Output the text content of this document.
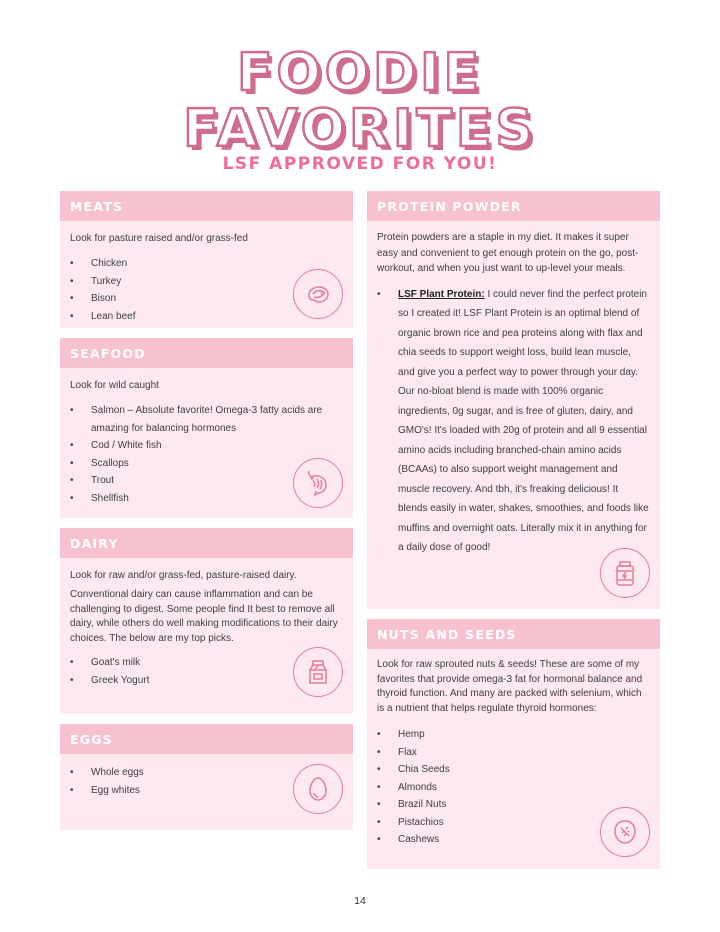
FOODIE
FAVORITES
LSF APPROVED FOR YOU!
MEATS

Look for pasture raised and/or grass-fed

• Chicken
• Turkey
• Bison
• Lean beef
SEAFOOD

Look for wild caught

• Salmon – Absolute favorite! Omega-3 fatty acids are amazing for balancing hormones
• Cod / White fish
• Scallops
• Trout
• Shellfish
DAIRY

Look for raw and/or grass-fed, pasture-raised dairy.

Conventional dairy can cause inflammation and can be challenging to digest. Some people find It best to remove all dairy, while others do well making modifications to their dairy choices. The below are my top picks.

• Goat's milk
• Greek Yogurt
EGGS
• Whole eggs
• Egg whites
PROTEIN POWDER

Protein powders are a staple in my diet. It makes it super easy and convenient to get enough protein on the go, post-workout, and when you just want to up-level your meals.

• LSF Plant Protein: I could never find the perfect protein so I created it! LSF Plant Protein is an optimal blend of organic brown rice and pea proteins along with flax and chia seeds to support weight loss, build lean muscle, and give you a perfect way to power through your day. Our no-bloat blend is made with 100% organic ingredients, 0g sugar, and is free of gluten, dairy, and GMO's! It's loaded with 20g of protein and all 9 essential amino acids including branched-chain amino acids (BCAAs) to also support weight management and muscle recovery. And tbh, it's freaking delicious! It blends easily in water, shakes, smoothies, and foods like muffins and overnight oats. Literally mix it in anything for a daily dose of good!
NUTS AND SEEDS

Look for raw sprouted nuts & seeds! These are some of my favorites that provide omega-3 fat for hormonal balance and thyroid function. And many are packed with selenium, which is a nutrient that helps regulate thyroid hormones:

• Hemp
• Flax
• Chia Seeds
• Almonds
• Brazil Nuts
• Pistachios
• Cashews
14
